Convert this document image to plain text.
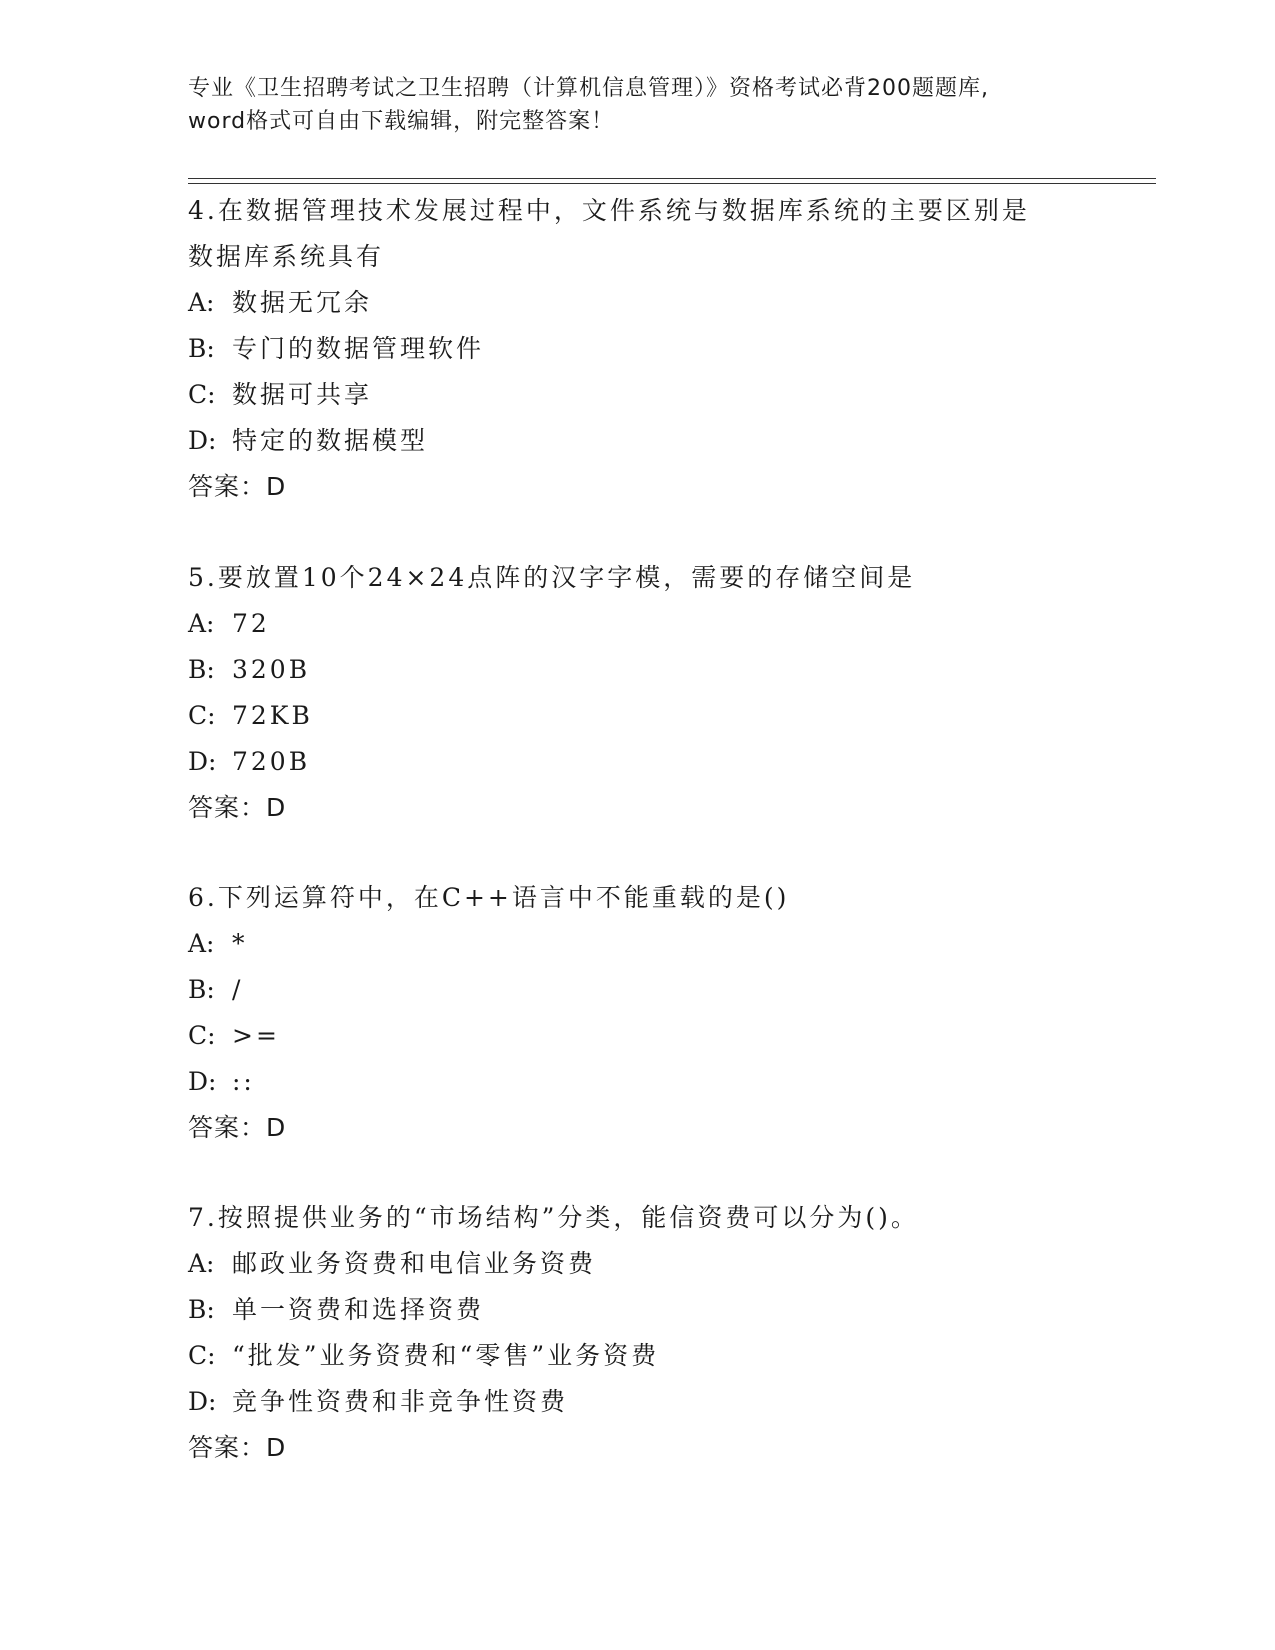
专业《卫生招聘考试之卫生招聘（计算机信息管理）》资格考试必背200题题库,

word格式可自由下载编辑，附完整答案！

4.在数据管理技术发展过程中，文件系统与数据库系统的主要区别是
数据库系统具有
A: 数据无冗余
B: 专门的数据管理软件
C: 数据可共享
D: 特定的数据模型
答案：D
5.要放置10个24×24点阵的汉字字模，需要的存储空间是
A: 72
B: 320B
C: 72KB
D: 720B
答案：D
6.下列运算符中，在C++语言中不能重载的是()
A: *
B: /
C: >=
D: ::
答案：D
7.按照提供业务的“市场结构”分类，能信资费可以分为()。
A: 邮政业务资费和电信业务资费
B: 单一资费和选择资费
C: “批发”业务资费和“零售”业务资费
D: 竞争性资费和非竞争性资费
答案：D
